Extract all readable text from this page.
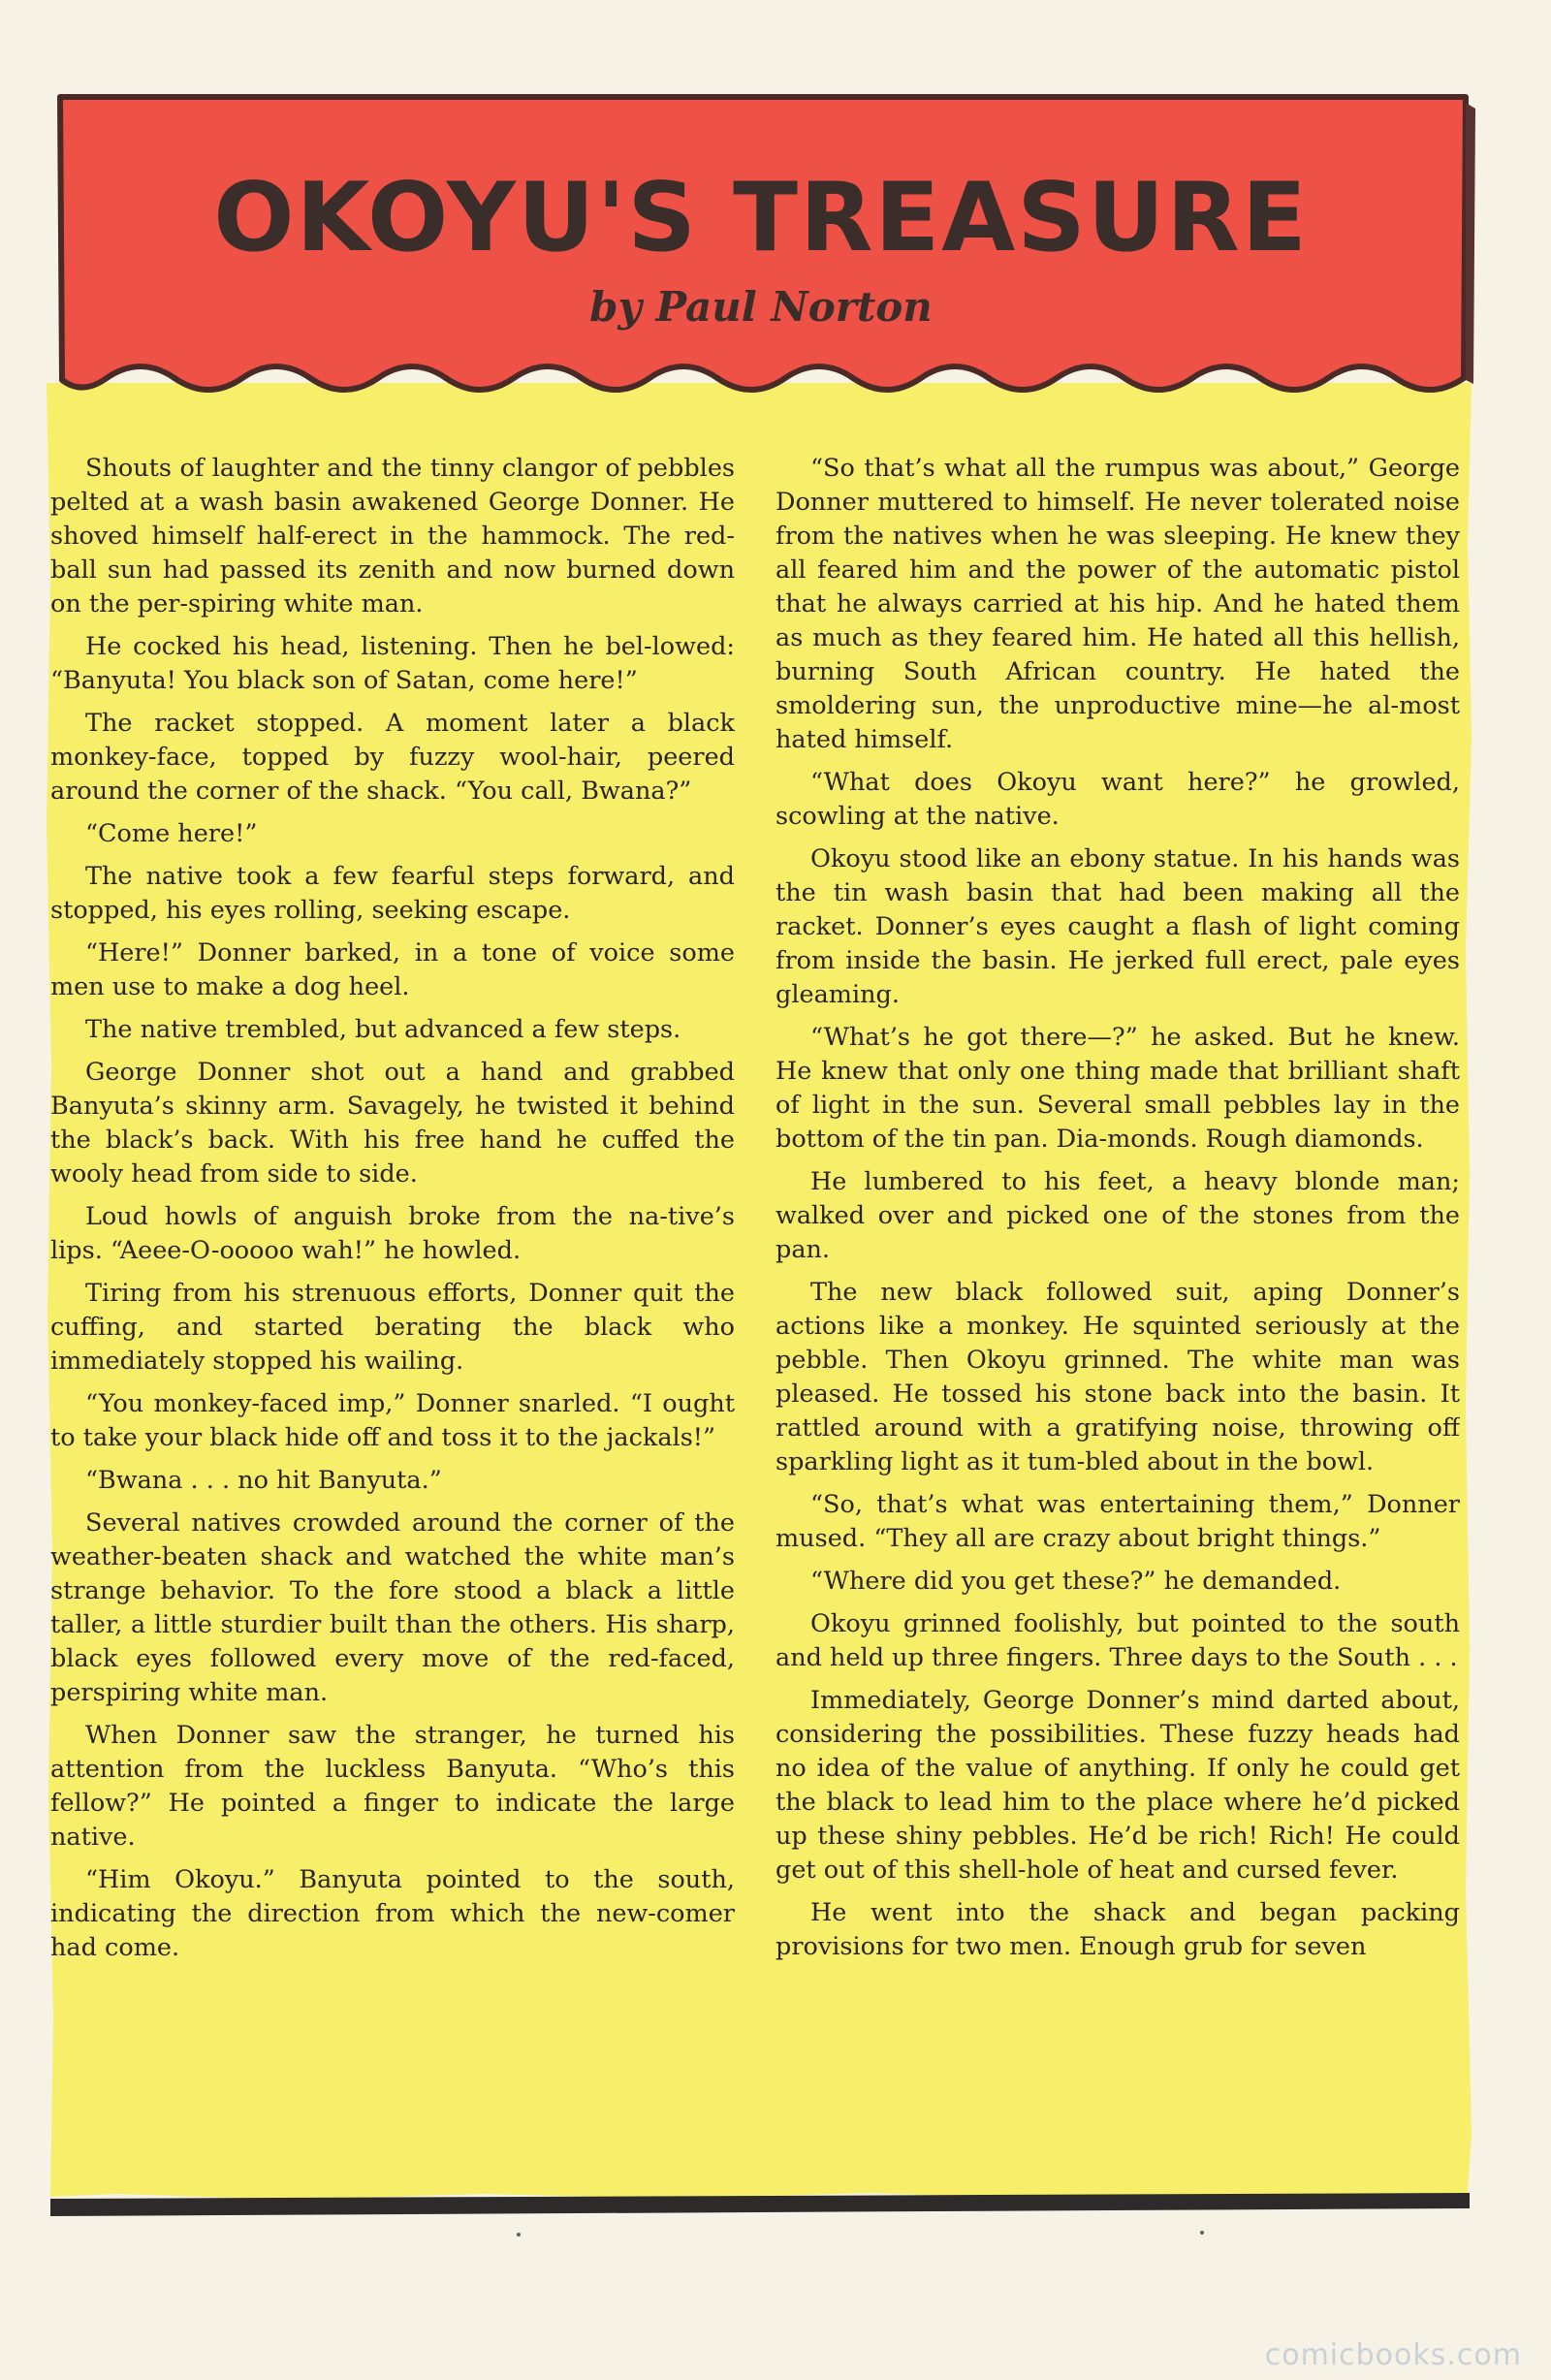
OKOYU'S TREASURE
by Paul Norton

Shouts of laughter and the tinny clangor of pebbles pelted at a wash basin awakened George Donner. He shoved himself half-erect in the hammock. The red-ball sun had passed its zenith and now burned down on the per-spiring white man.

He cocked his head, listening. Then he bel-lowed: “Banyuta! You black son of Satan, come here!”

The racket stopped. A moment later a black monkey-face, topped by fuzzy wool-hair, peered around the corner of the shack. “You call, Bwana?”

“Come here!”

The native took a few fearful steps forward, and stopped, his eyes rolling, seeking escape.

“Here!” Donner barked, in a tone of voice some men use to make a dog heel.

The native trembled, but advanced a few steps.

George Donner shot out a hand and grabbed Banyuta’s skinny arm. Savagely, he twisted it behind the black’s back. With his free hand he cuffed the wooly head from side to side.

Loud howls of anguish broke from the na-tive’s lips. “Aeee-O-ooooo wah!” he howled.

Tiring from his strenuous efforts, Donner quit the cuffing, and started berating the black who immediately stopped his wailing.

“You monkey-faced imp,” Donner snarled. “I ought to take your black hide off and toss it to the jackals!”

“Bwana . . . no hit Banyuta.”

Several natives crowded around the corner of the weather-beaten shack and watched the white man’s strange behavior. To the fore stood a black a little taller, a little sturdier built than the others. His sharp, black eyes followed every move of the red-faced, perspiring white man.

When Donner saw the stranger, he turned his attention from the luckless Banyuta. “Who’s this fellow?” He pointed a finger to indicate the large native.

“Him Okoyu.” Banyuta pointed to the south, indicating the direction from which the new-comer had come.

“So that’s what all the rumpus was about,” George Donner muttered to himself. He never tolerated noise from the natives when he was sleeping. He knew they all feared him and the power of the automatic pistol that he always carried at his hip. And he hated them as much as they feared him. He hated all this hellish, burning South African country. He hated the smoldering sun, the unproductive mine—he al-most hated himself.

“What does Okoyu want here?” he growled, scowling at the native.

Okoyu stood like an ebony statue. In his hands was the tin wash basin that had been making all the racket. Donner’s eyes caught a flash of light coming from inside the basin. He jerked full erect, pale eyes gleaming.

“What’s he got there—?” he asked. But he knew. He knew that only one thing made that brilliant shaft of light in the sun. Several small pebbles lay in the bottom of the tin pan. Dia-monds. Rough diamonds.

He lumbered to his feet, a heavy blonde man; walked over and picked one of the stones from the pan.

The new black followed suit, aping Donner’s actions like a monkey. He squinted seriously at the pebble. Then Okoyu grinned. The white man was pleased. He tossed his stone back into the basin. It rattled around with a gratifying noise, throwing off sparkling light as it tum-bled about in the bowl.

“So, that’s what was entertaining them,” Donner mused. “They all are crazy about bright things.”

“Where did you get these?” he demanded.

Okoyu grinned foolishly, but pointed to the south and held up three fingers. Three days to the South . . .

Immediately, George Donner’s mind darted about, considering the possibilities. These fuzzy heads had no idea of the value of anything. If only he could get the black to lead him to the place where he’d picked up these shiny pebbles. He’d be rich! Rich! He could get out of this shell-hole of heat and cursed fever.

He went into the shack and began packing provisions for two men. Enough grub for seven

comicbooks.com
